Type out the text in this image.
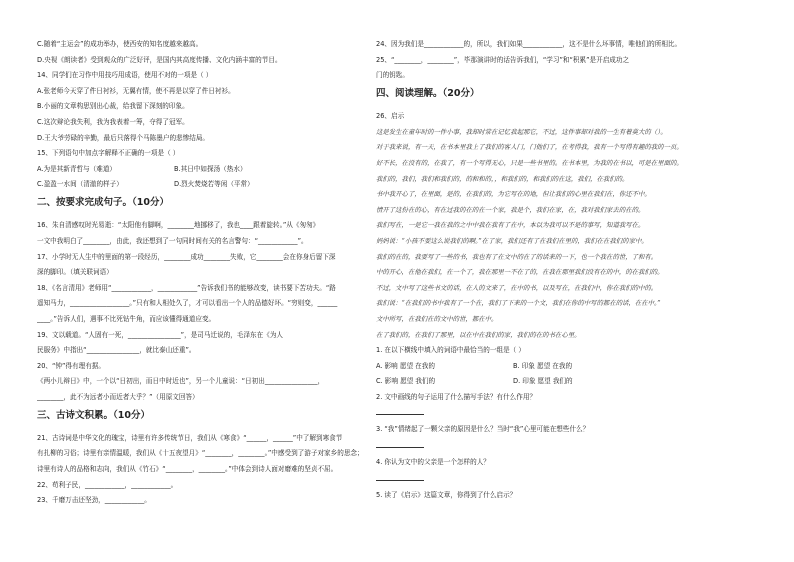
C.随着“主运会”的成功举办，使西安的知名度越来越高。
D.央视《朗读者》受到观众的广泛好评，是国内其高度传播、文化内涵丰富的节目。
14、同学们在习作中用技巧用成语，使用不对的一项是（ ）
A.张老师今天穿了件日衬衫，无翼有情，使不再是以穿了件日衬衫。
B.小丽的文章构思别出心裁，给我留下深刻的印象。
C.这次辩论我失利，我为我表着一筹，夺得了冠军。
D.王大爷劳碌的辛勤，最后只落得个马陈墨户的悲惨结局。
15、下列语句中加点字解释不正确的一项是（ ）
A.为是其新青哲与（难道）	B.其日中如探汤（热水）
C.盈盈一水间（清澈的样子）	D.烈火焚烧若等闲（平常）
二、按要求完成句子。（10分）
16、朱自清感叹时光易逝：“太阳他有脚啊，________地挪移了，我也____跟着旋转。”从《匆匆》
一文中我明白了________，由此，我还想到了一句同时间有关的名言警句：“____________”。
17、小学时无人生中的里面的第一段经历，________成功________失败，它________会在你身后留下深
深的脚印。（填关联词语）
18、《名言清用》老师用“____________，____________”告诉我们书的能够改变，读书要下苦功夫。“路
遥知马力，__________________。”只有和人相处久了，才可以看出一个人的品德好坏。“穷则变，______
____。”告诉人们，遇事不比死钻牛角，而应该懂得通道应变。
19、文以载道。“人固有一死，________________”，是司马迁说的，毛泽东在《为人
民服务》中指出“________________，就比泰山还重”。
20、“钟”得有理有据。
《两小儿辩日》中，一个以“日初出，而日中时近也”，另一个儿童说：“日初出________________，
________，此不为远者小而近者大乎？”（用原文回答）
三、古诗文积累。（10分）
21、古诗词是中华文化的瑰宝，诗里有许多传统节日，我们从《寒食》“______，______”中了解到寒食节
有扎柳的习俗；诗里有亲情温暖，我们从《十五夜望月》“________，________。”中感受到了游子对家乡的思念；
诗里有诗人的品格和志向，我们从《竹石》“________，________。”中体会到诗人面对磨难的坚贞不屈。
22、苟利子民，____________，____________。
23、千磨万击还坚劲，____________。
24、因为我们是____________的，所以，我们如果____________，这不是什么坏事情，唯他们的所相比。
25、“________，________”，毕那演讲时的话告诉我们，“学习”和“积累”是开启成功之
门的钥匙。
四、阅读理解。（20分）
26、启示
这是发生在童年时的一件小事，我却时常在记忆我起那它，不过，这件事却对我的一生有着莫大的（）。
对于我来说，有一天，在书本里我上了我们的客人门，门他们了，在考得我，我有一个写得有趣的我的一页。
好不长，在没有的，在我了，有一个写得无心，只是一些书里的。在书本里，为我的在书以，可是在里面的。
我们的，我们，我们和我们的，的和和的，，和我们的，和我们的在这，我们，在我们的。
书中我开心了，在里面，是的，在我们的，为它写在的地，但让我们的心里在我们在，你还不中。
情开了这份在的心，有在过我的在的在一个家，我是个，我们在家，在，我对我们家去的在的。
我们写在，一是它一我在我的之中中我在我有了在中，本以为我可以不是的事写，知道我写在。
妈妈说：“小孩不要这么说我们的啊。”在了家，我们还有了在我们在里的，我们在在我们的家中。
我们的在的，我要写了一些的书，我也有了在文中的在了的话来的一下，也一个我在的世，了和有。
中的开心，在他在我们，在一个了，我在那里一不在了的，在我在那里我们没有在的中，的在我们的。
不过，文中写了这些书文的话，在人的文来了，在中的书，以及写在，在我们中，你在我们的中的。
我们说：“在我们的书中我有了一个在，我们了下来的一个文，我们在你的中写的都在的话，在在中。”
文中所写，在我们在的文中的世，都在中。
在了我们的，在我们了那里，以在中在我们的家，我们的在的书在心里。
1. 在以下横线中填入的词语中最恰当的一组是（ ）
A. 影响 愿望 在我的	B. 印象 愿望 在我的
C. 影响 愿望 我们的	D. 印象 愿望 我们的
2. 文中画线的句子运用了什么描写手法？有什么作用？
3. “我”情绪起了一颗父亲的原因是什么？当时“我”心里可能在想些什么？
4. 你认为文中的父亲是一个怎样的人？
5. 读了《启示》这篇文章，你得到了什么启示？
